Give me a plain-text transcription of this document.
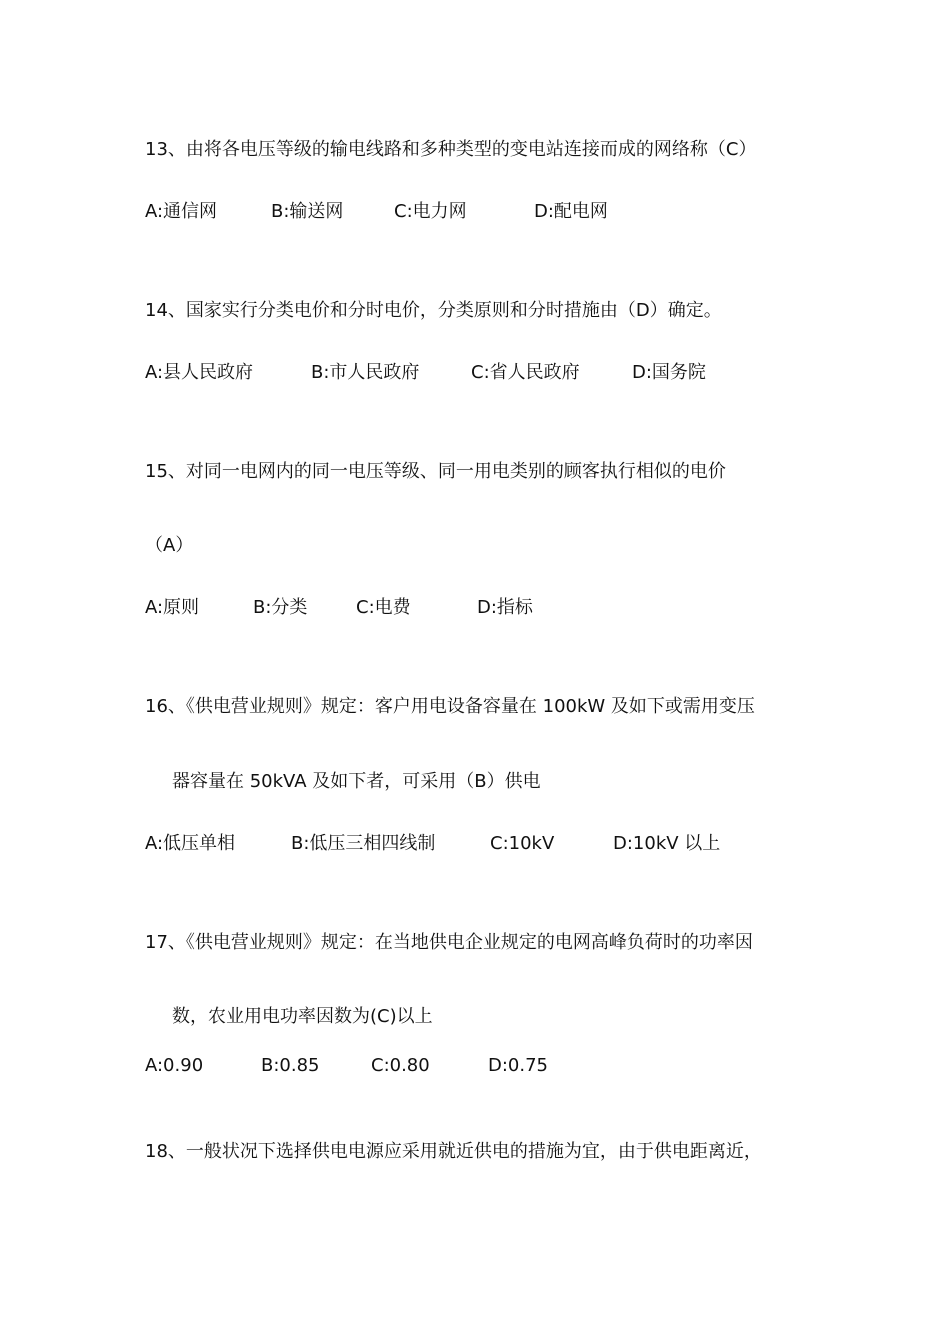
13、由将各电压等级的输电线路和多种类型的变电站连接而成的网络称（C）
A:通信网	B:输送网	C:电力网	D:配电网
14、国家实行分类电价和分时电价，分类原则和分时措施由（D）确定。
A:县人民政府	B:市人民政府	C:省人民政府	D:国务院
15、对同一电网内的同一电压等级、同一用电类别的顾客执行相似的电价
（A）
A:原则	B:分类	C:电费	D:指标
16、《供电营业规则》规定：客户用电设备容量在 100kW 及如下或需用变压
器容量在 50kVA 及如下者，可采用（B）供电
A:低压单相	B:低压三相四线制	C:10kV	D:10kV 以上
17、《供电营业规则》规定：在当地供电企业规定的电网高峰负荷时的功率因
数，农业用电功率因数为(C)以上
A:0.90	B:0.85	C:0.80	D:0.75
18、一般状况下选择供电电源应采用就近供电的措施为宜，由于供电距离近，
